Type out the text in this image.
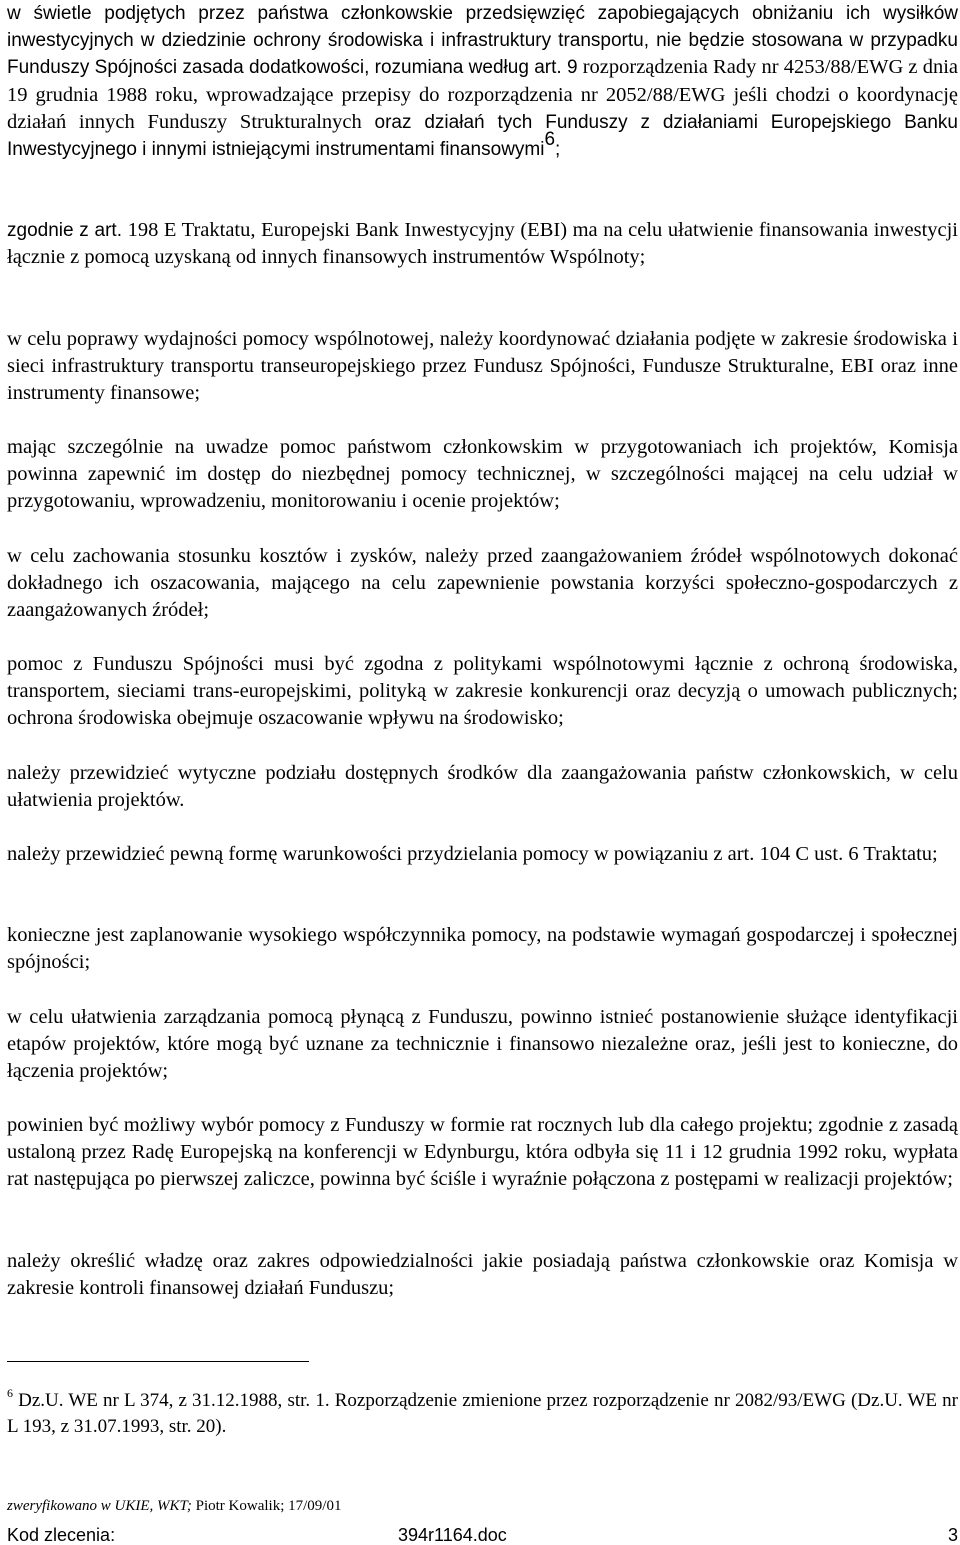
w świetle podjętych przez państwa członkowskie przedsięwzięć zapobiegających obniżaniu ich wysiłków inwestycyjnych w dziedzinie ochrony środowiska i infrastruktury transportu, nie będzie stosowana w przypadku Funduszy Spójności zasada dodatkowości, rozumiana według art. 9 rozporządzenia Rady nr 4253/88/EWG z dnia 19 grudnia 1988 roku, wprowadzające przepisy do rozporządzenia nr 2052/88/EWG jeśli chodzi o koordynację działań innych Funduszy Strukturalnych oraz działań tych Funduszy z działaniami Europejskiego Banku Inwestycyjnego i innymi istniejącymi instrumentami finansowymi$^6$;

zgodnie z art. 198 E Traktatu, Europejski Bank Inwestycyjny (EBI) ma na celu ułatwienie finansowania inwestycji łącznie z pomocą uzyskaną od innych finansowych instrumentów Wspólnoty;

w celu poprawy wydajności pomocy wspólnotowej, należy koordynować działania podjęte w zakresie środowiska i sieci infrastruktury transportu transeuropejskiego przez Fundusz Spójności, Fundusze Strukturalne, EBI oraz inne instrumenty finansowe;

mając szczególnie na uwadze pomoc państwom członkowskim w przygotowaniach ich projektów, Komisja powinna zapewnić im dostęp do niezbędnej pomocy technicznej, w szczególności mającej na celu udział w przygotowaniu, wprowadzeniu, monitorowaniu i ocenie projektów;

w celu zachowania stosunku kosztów i zysków, należy przed zaangażowaniem źródeł wspólnotowych dokonać dokładnego ich oszacowania, mającego na celu zapewnienie powstania korzyści społeczno-gospodarczych z zaangażowanych źródeł;

pomoc z Funduszu Spójności musi być zgodna z politykami wspólnotowymi łącznie z ochroną środowiska, transportem, sieciami trans-europejskimi, polityką w zakresie konkurencji oraz decyzją o umowach publicznych; ochrona środowiska obejmuje oszacowanie wpływu na środowisko;

należy przewidzieć wytyczne podziału dostępnych środków dla zaangażowania państw członkowskich, w celu ułatwienia projektów.

należy przewidzieć pewną formę warunkowości przydzielania pomocy w powiązaniu z art. 104 C ust. 6 Traktatu;

konieczne jest zaplanowanie wysokiego współczynnika pomocy, na podstawie wymagań gospodarczej i społecznej spójności;

w celu ułatwienia zarządzania pomocą płynącą z Funduszu, powinno istnieć postanowienie służące identyfikacji etapów projektów, które mogą być uznane za technicznie i finansowo niezależne oraz, jeśli jest to konieczne, do łączenia projektów;

powinien być możliwy wybór pomocy z Funduszy w formie rat rocznych lub dla całego projektu; zgodnie z zasadą ustaloną przez Radę Europejską na konferencji w Edynburgu, która odbyła się 11 i 12 grudnia 1992 roku, wypłata rat następująca po pierwszej zaliczce, powinna być ściśle i wyraźnie połączona z postępami w realizacji projektów;

należy określić władzę oraz zakres odpowiedzialności jakie posiadają państwa członkowskie oraz Komisja w zakresie kontroli finansowej działań Funduszu;

$^6$ Dz.U. WE nr L 374, z 31.12.1988, str. 1. Rozporządzenie zmienione przez rozporządzenie nr 2082/93/EWG (Dz.U. WE nr L 193, z 31.07.1993, str. 20).

zweryfikowano w UKIE, WKT; Piotr Kowalik; 17/09/01

Kod zlecenia:	394r1164.doc	3
